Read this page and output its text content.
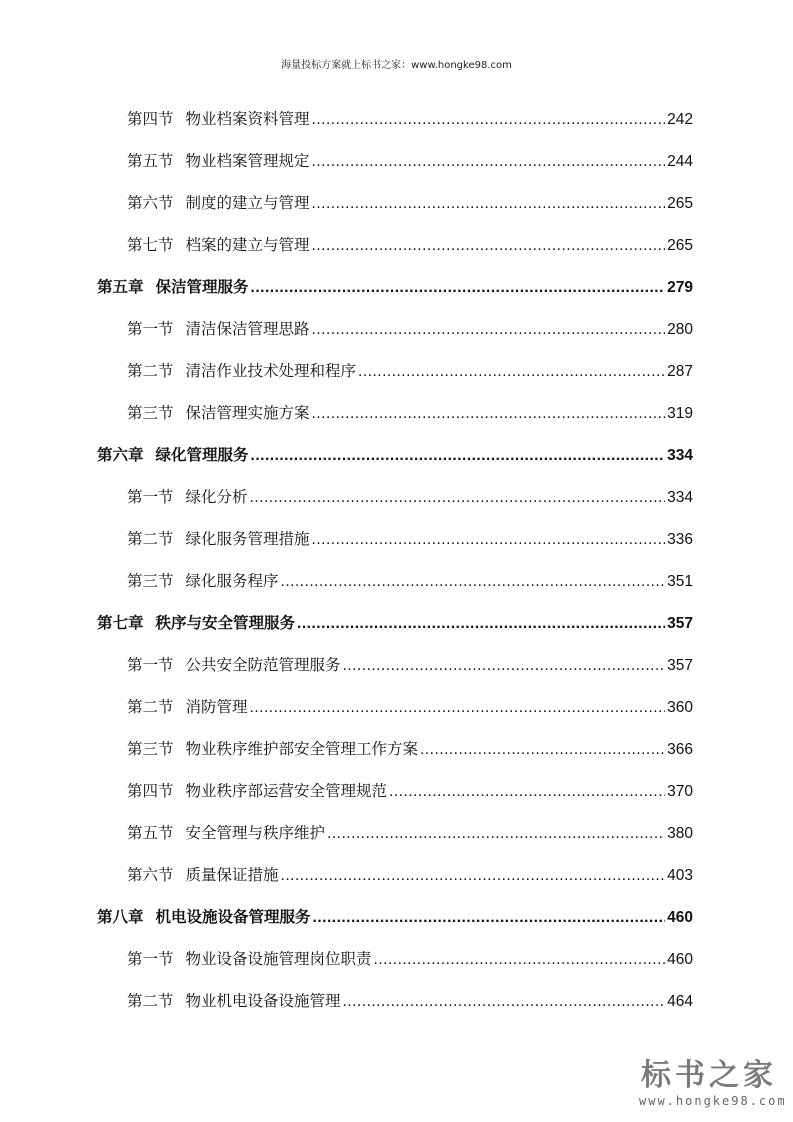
海量投标方案就上标书之家：www.hongke98.com
第四节 物业档案资料管理 .....	242
第五节 物业档案管理规定 .....	244
第六节 制度的建立与管理 .....	265
第七节 档案的建立与管理 .....	265
第五章 保洁管理服务 .....	279
第一节 清洁保洁管理思路 .....	280
第二节 清洁作业技术处理和程序 .....	287
第三节 保洁管理实施方案 .....	319
第六章 绿化管理服务 .....	334
第一节 绿化分析 .....	334
第二节 绿化服务管理措施 .....	336
第三节 绿化服务程序 .....	351
第七章 秩序与安全管理服务 .....	357
第一节 公共安全防范管理服务 .....	357
第二节 消防管理 .....	360
第三节 物业秩序维护部安全管理工作方案 .....	366
第四节 物业秩序部运营安全管理规范 .....	370
第五节 安全管理与秩序维护 .....	380
第六节 质量保证措施 .....	403
第八章 机电设施设备管理服务 .....	460
第一节 物业设备设施管理岗位职责 .....	460
第二节 物业机电设备设施管理 .....	464
标书之家
www.hongke98.com
